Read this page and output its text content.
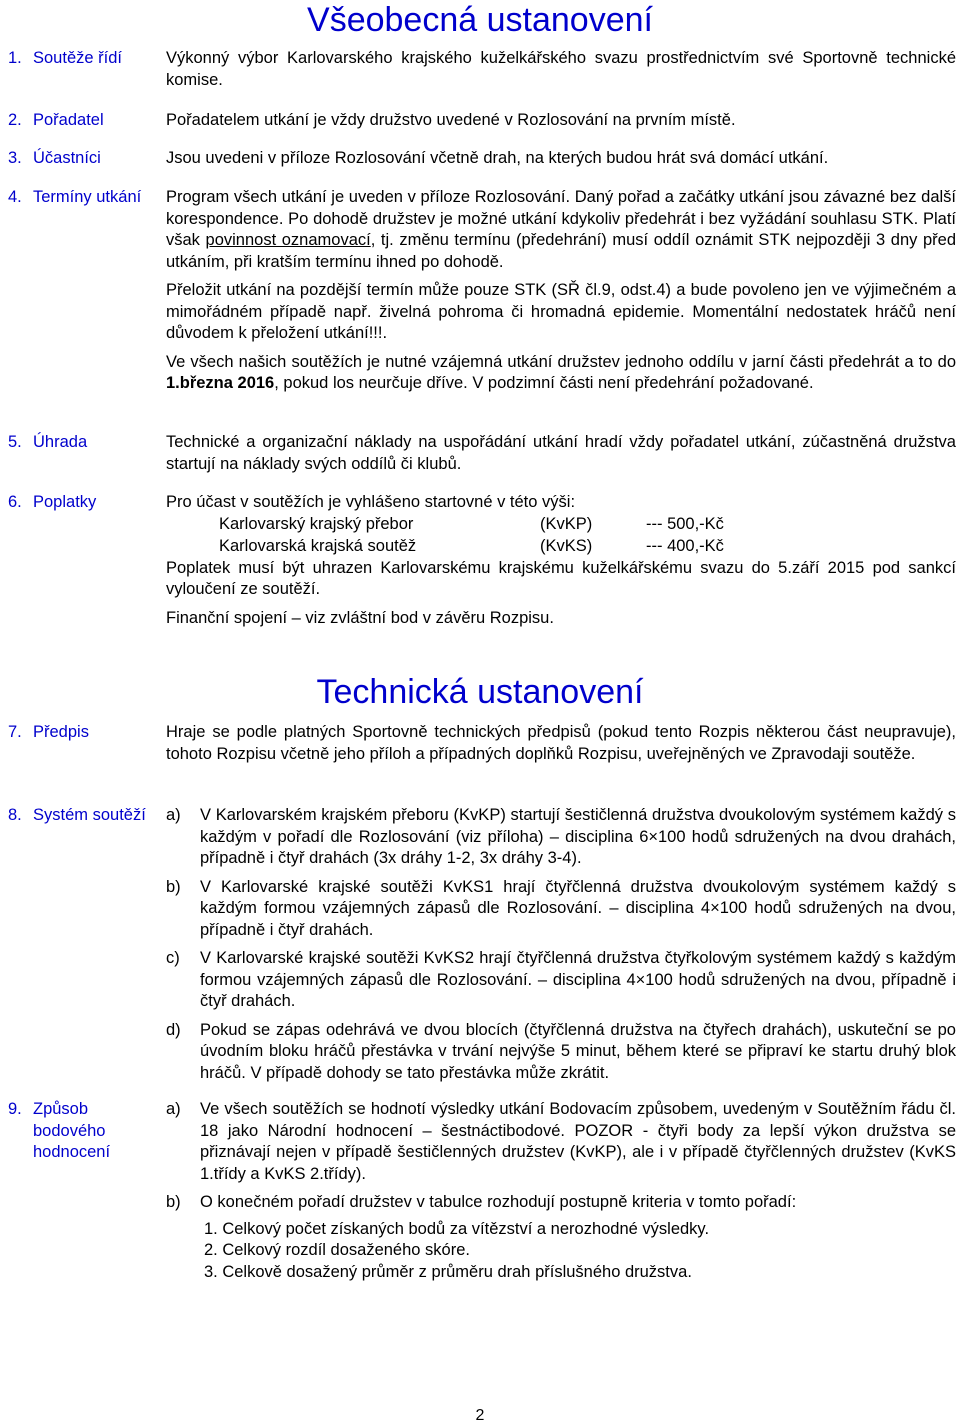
Všeobecná ustanovení
1. Soutěže řídí	Výkonný výbor Karlovarského krajského kuželkářského svazu prostřednictvím své Sportovně technické komise.
2. Pořadatel	Pořadatelem utkání je vždy družstvo uvedené v Rozlosování na prvním místě.
3. Účastníci	Jsou uvedeni v příloze Rozlosování včetně drah, na kterých budou hrát svá domácí utkání.
4. Termíny utkání	Program všech utkání je uveden v příloze Rozlosování. Daný pořad a začátky utkání jsou závazné bez další korespondence. Po dohodě družstev je možné utkání kdykoliv předehrát i bez vyžádání souhlasu STK. Platí však povinnost oznamovací, tj. změnu termínu (předehrání) musí oddíl oznámit STK nejpozději 3 dny před utkáním, při kratším termínu ihned po dohodě.

Přeložit utkání na pozdější termín může pouze STK (SŘ čl.9, odst.4) a bude povoleno jen ve výjimečném a mimořádném případě např. živelná pohroma či hromadná epidemie. Momentální nedostatek hráčů není důvodem k přeložení utkání!!!.

Ve všech našich soutěžích je nutné vzájemná utkání družstev jednoho oddílu v jarní části předehrát a to do 1.března 2016, pokud los neurčuje dříve. V podzimní části není předehrání požadované.

5. Úhrada	Technické a organizační náklady na uspořádání utkání hradí vždy pořadatel utkání, zúčastněná družstva startují na náklady svých oddílů či klubů.
6. Poplatky	Pro účast v soutěžích je vyhlášeno startovné v této výši:

Karlovarský krajský přebor	(KvKP)	--- 500,-Kč
Karlovarská krajská soutěž	(KvKS)	--- 400,-Kč

Poplatek musí být uhrazen Karlovarskému krajskému kuželkářskému svazu do 5.září 2015 pod sankcí vyloučení ze soutěží.

Finanční spojení – viz zvláštní bod v závěru Rozpisu.

Technická ustanovení
7. Předpis	Hraje se podle platných Sportovně technických předpisů (pokud tento Rozpis některou část neupravuje), tohoto Rozpisu včetně jeho příloh a případných doplňků Rozpisu, uveřejněných ve Zpravodaji soutěže.
8. Systém soutěží	a) V Karlovarském krajském přeboru (KvKP) startují šestičlenná družstva dvoukolovým systémem každý s každým v pořadí dle Rozlosování (viz příloha) – disciplina 6×100 hodů sdružených na dvou drahách, případně i čtyř drahách (3x dráhy 1-2, 3x dráhy 3-4).
b) V Karlovarské krajské soutěži KvKS1 hrají čtyřčlenná družstva dvoukolovým systémem každý s každým formou vzájemných zápasů dle Rozlosování. – disciplina 4×100 hodů sdružených na dvou, případně i čtyř drahách.
c) V Karlovarské krajské soutěži KvKS2 hrají čtyřčlenná družstva čtyřkolovým systémem každý s každým formou vzájemných zápasů dle Rozlosování. – disciplina 4×100 hodů sdružených na dvou, případně i čtyř drahách.
d) Pokud se zápas odehrává ve dvou blocích (čtyřčlenná družstva na čtyřech drahách), uskuteční se po úvodním bloku hráčů přestávka v trvání nejvýše 5 minut, během které se připraví ke startu druhý blok hráčů. V případě dohody se tato přestávka může zkrátit.
9. Způsob bodového hodnocení
a) Ve všech soutěžích se hodnotí výsledky utkání Bodovacím způsobem, uvedeným v Soutěžním řádu čl. 18 jako Národní hodnocení – šestnáctibodové. POZOR - čtyři body za lepší výkon družstva se přiznávají nejen v případě šestičlenných družstev (KvKP), ale i v případě čtyřčlenných družstev (KvKS 1.třídy a KvKS 2.třídy).
b) O konečném pořadí družstev v tabulce rozhodují postupně kriteria v tomto pořadí:

1. Celkový počet získaných bodů za vítězství a nerozhodné výsledky.

2. Celkový rozdíl dosaženého skóre.

3. Celkově dosažený průměr z průměru drah příslušného družstva.

2
